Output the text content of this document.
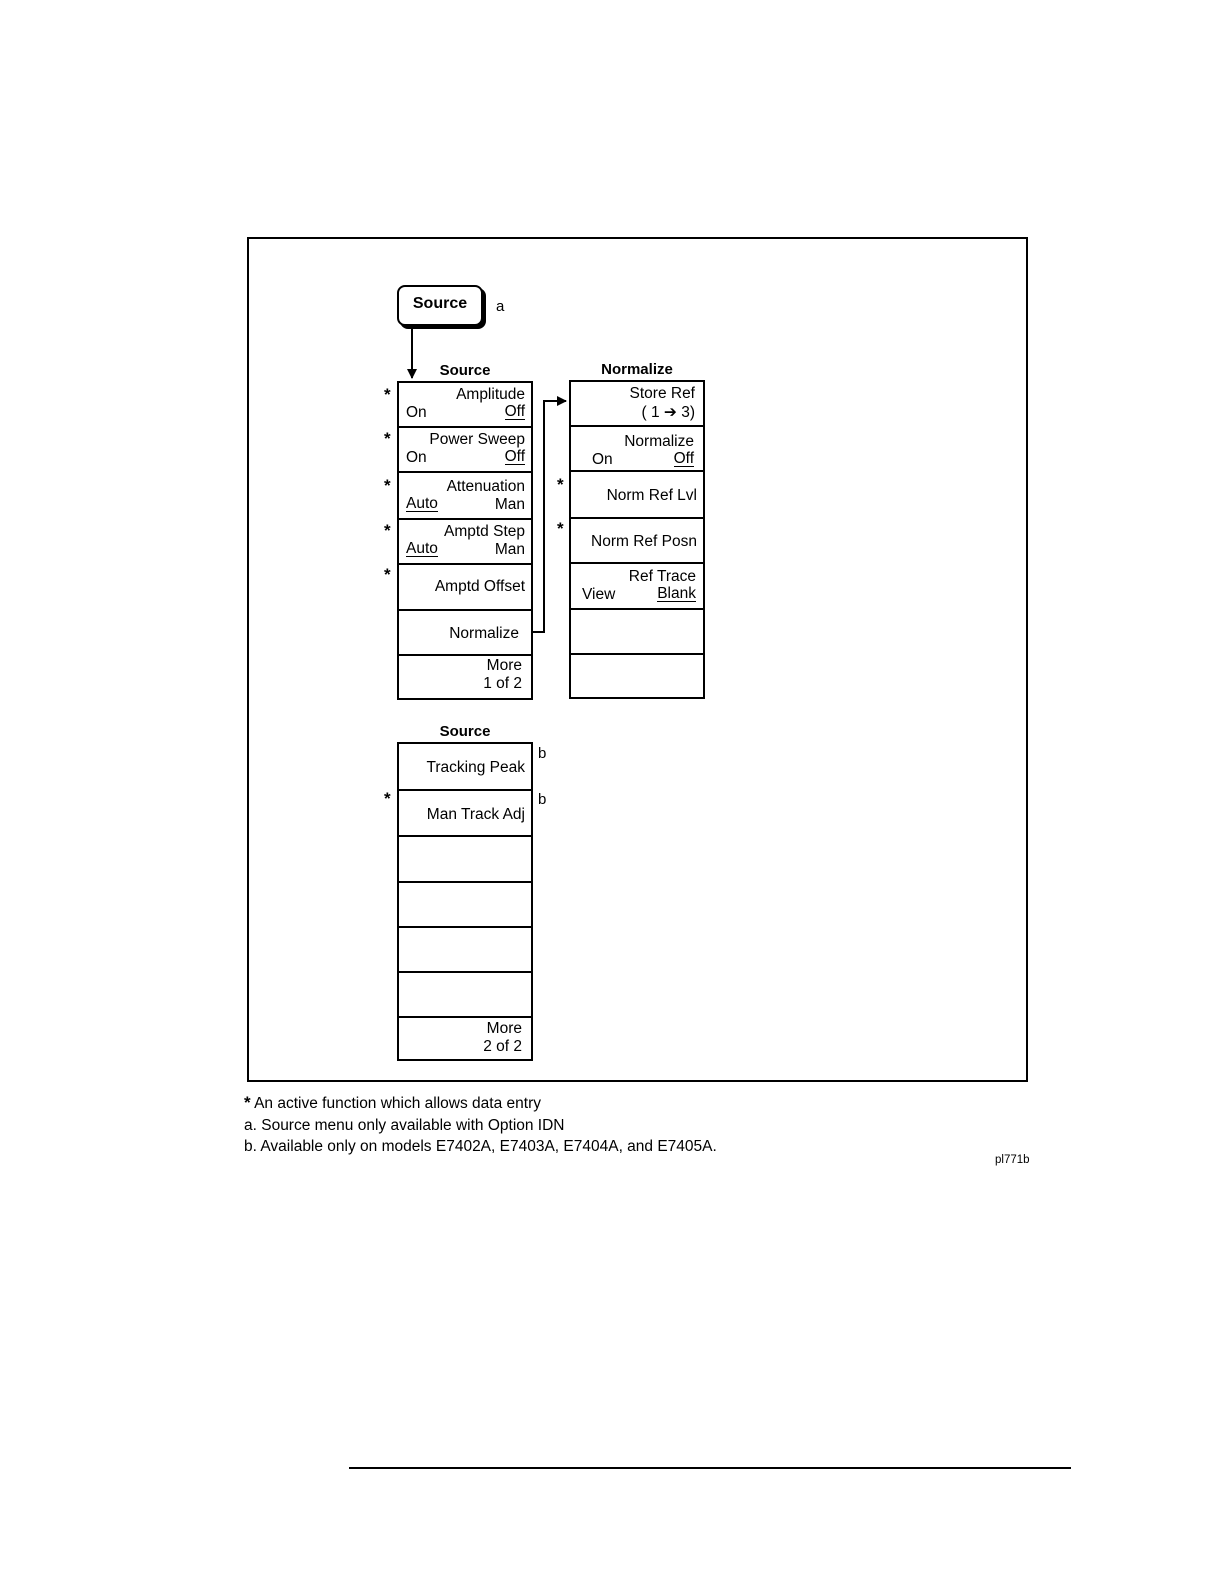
Source a
Source
Amplitude
On	Off
Power Sweep
On	Off
Attenuation
Auto	Man
Amptd Step
Auto	Man
Amptd Offset
Normalize
More
1 of 2
*
*
*
*
*
Normalize
Store Ref
( 1 ➔ 3)
Normalize
On	Off
Norm Ref Lvl
Norm Ref Posn
Ref Trace
View	Blank
*
*
Source
Tracking Peak
Man Track Adj
More
2 of 2
b
b
*
* An active function which allows data entry
a. Source menu only available with Option IDN
b. Available only on models E7402A, E7403A, E7404A, and E7405A.
pl771b
